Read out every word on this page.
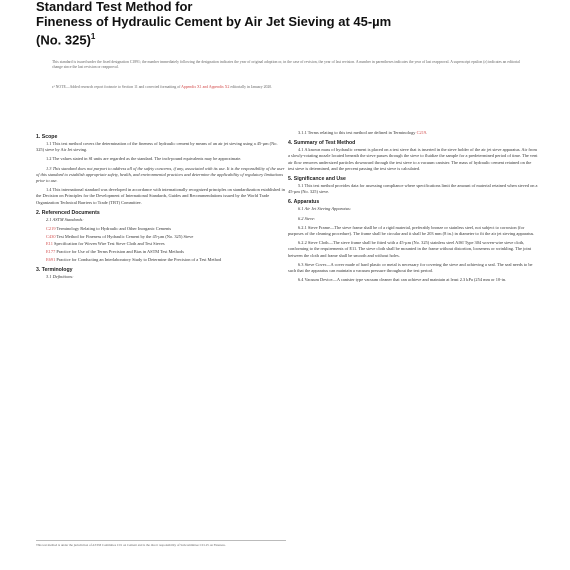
Standard Test Method for
Fineness of Hydraulic Cement by Air Jet Sieving at 45-µm
(No. 325)$^1$
This standard is issued under the fixed designation C1891; the number immediately following the designation indicates the year of original adoption or, in the case of revision, the year of last revision. A number in parentheses indicates the year of last reapproval. A superscript epsilon (ε) indicates an editorial change since the last revision or reapproval.
ε¹ NOTE—Added research report footnote to Section 11 and corrected formatting of Appendix X1 and Appendix X2 editorially in January 2020.
1. Scope

1.1 This test method covers the determination of the fineness of hydraulic cement by means of an air jet sieving using a 45-µm (No. 325) sieve by Air Jet sieving.

1.2 The values stated in SI units are regarded as the standard. The inch-pound equivalents may be approximate.

1.3 This standard does not purport to address all of the safety concerns, if any, associated with its use. It is the responsibility of the user of this standard to establish appropriate safety, health, and environmental practices and determine the applicability of regulatory limitations prior to use.

1.4 This international standard was developed in accordance with internationally recognized principles on standardization established in the Decision on Principles for the Development of International Standards, Guides and Recommendations issued by the World Trade Organization Technical Barriers to Trade (TBT) Committee.

2. Referenced Documents

2.1 ASTM Standards:

C219 Terminology Relating to Hydraulic and Other Inorganic Cements
C430 Test Method for Fineness of Hydraulic Cement by the 45-µm (No. 325) Sieve
E11 Specification for Woven Wire Test Sieve Cloth and Test Sieves
E177 Practice for Use of the Terms Precision and Bias in ASTM Test Methods
E691 Practice for Conducting an Interlaboratory Study to Determine the Precision of a Test Method
3. Terminology

3.1 Definitions:

3.1.1 Terms relating to this test method are defined in Terminology C219.

4. Summary of Test Method

4.1 A known mass of hydraulic cement is placed on a test sieve that is inserted in the sieve holder of the air jet sieve apparatus. Air from a slowly-rotating nozzle located beneath the sieve passes through the sieve to fluidize the sample for a predetermined period of time. The vent air flow removes undersized particles downward through the test sieve to a vacuum canister. The mass of hydraulic cement retained on the test sieve is determined, and the percent passing the test sieve is calculated.

5. Significance and Use

5.1 This test method provides data for assessing compliance where specifications limit the amount of material retained when sieved on a 45-µm (No. 325) sieve.

6. Apparatus

6.1 Air Jet Sieving Apparatus:

6.2 Sieve:

6.2.1 Sieve Frame—The sieve frame shall be of a rigid material, preferably bronze or stainless steel, not subject to corrosion (for purposes of the cleaning procedure). The frame shall be circular and it shall be 203 mm (8 in.) in diameter to fit the air jet sieving apparatus.

6.2.2 Sieve Cloth—The sieve frame shall be fitted with a 45-µm (No. 325) stainless steel AISI Type 304 woven-wire sieve cloth, conforming to the requirements of E11. The sieve cloth shall be mounted in the frame without distortion, looseness or wrinkling. The joint between the cloth and frame shall be smooth and without holes.

6.3 Sieve Cover—A cover made of hard plastic or metal is necessary for covering the sieve and achieving a seal. The seal needs to be such that the apparatus can maintain a vacuum pressure throughout the test period.

6.4 Vacuum Device—A canister type vacuum cleaner that can achieve and maintain at least 2.3 kPa (254 mm or 10-in.

This test method is under the jurisdiction of ASTM Committee C01 on Cement and is the direct responsibility of Subcommittee C01.25 on Fineness.
